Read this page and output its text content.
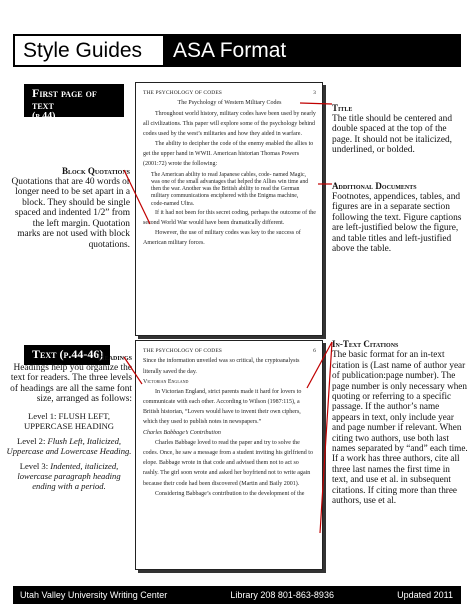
Style Guides	ASA Format
First page of text
(p.44)
Text (p.44-46)
THE PSYCHOLOGY OF CODES	3

The Psychology of Western Military Codes

Throughout world history, military codes have been used by nearly all civilizations. This paper will explore some of the psychology behind codes used by the west’s militaries and how they aided in warfare.

The ability to decipher the code of the enemy enabled the allies to get the upper hand in WWII. American historian Thomas Powers (2001:72) wrote the following:

The American ability to read Japanese cables, code- named Magic, was one of the small advantages that helped the Allies win time and then the war. Another was the British ability to read the German military communications enciphered with the Enigma machine, code-named Ultra.

If it had not been for this secret coding, perhaps the outcome of the second World War would have been dramatically different.

However, the use of military codes was key to the success of American military forces.

THE PSYCHOLOGY OF CODES	6

Since the information unveiled was so critical, the cryptoanalysts literally saved the day.

Victorian England

In Victorian England, strict parents made it hard for lovers to communicate with each other. According to Wilson (1987:115), a British historian, “Lovers would have to invent their own ciphers, which they used to publish notes in newspapers.”

Charles Babbage’s Contribution

Charles Babbage loved to read the paper and try to solve the codes. Once, he saw a message from a student inviting his girlfriend to elope. Babbage wrote in that code and advised them not to act so rashly. The girl soon wrote and asked her boyfriend not to write again because their code had been discovered (Martin and Baily 2001).

Considering Babbage’s contribution to the development of the

Block Quotations
Quotations that are 40 words or longer need to be set apart in a block. They should be single spaced and indented 1/2” from the left margin. Quotation marks are not used with block quotations.
Title
The title should be centered and double spaced at the top of the page. It should not be italicized, underlined, or bolded.
Additional Documents
Footnotes, appendices, tables, and figures are in a separate section following the text. Figure captions are left-justified below the figure, and table titles and left-justified above the table.
Headings
Headings help you organize the text for readers. The three levels of headings are all the same font size, arranged as follows:
Level 1: FLUSH LEFT, UPPERCASE HEADING
Level 2: Flush Left, Italicized, Uppercase and Lowercase Heading.
Level 3: Indented, italicized, lowercase paragraph heading ending with a period.
In-Text Citations
The basic format for an in-text citation is (Last name of author year of publication:page number). The page number is only necessary when quoting or referring to a specific passage. If the author’s name appears in text, only include year and page number if relevant. When citing two authors, use both last names separated by “and” each time. If a work has three authors, cite all three last names the first time in text, and use et al. in subsequent citations. If citing more than three authors, use et al.
Utah Valley University Writing Center	Library 208 801-863-8936	Updated 2011
